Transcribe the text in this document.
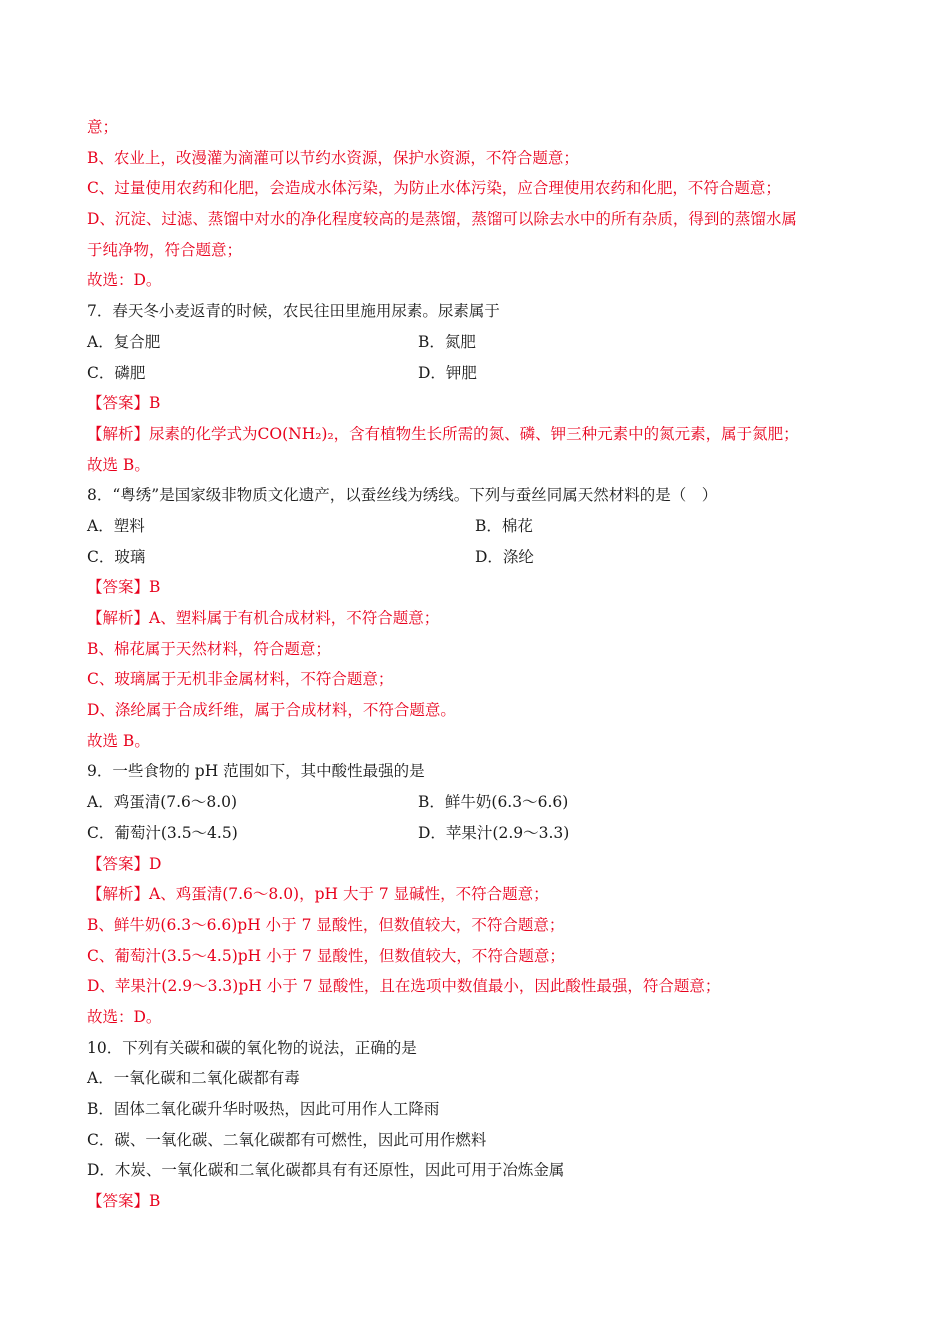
意；
B、农业上，改漫灌为滴灌可以节约水资源，保护水资源，不符合题意；
C、过量使用农药和化肥，会造成水体污染，为防止水体污染，应合理使用农药和化肥，不符合题意；
D、沉淀、过滤、蒸馏中对水的净化程度较高的是蒸馏，蒸馏可以除去水中的所有杂质，得到的蒸馏水属
于纯净物，符合题意；
故选：D。
7．春天冬小麦返青的时候，农民往田里施用尿素。尿素属于
A．复合肥	B．氮肥
C．磷肥	D．钾肥
【答案】B
【解析】尿素的化学式为CO(NH₂)₂，含有植物生长所需的氮、磷、钾三种元素中的氮元素，属于氮肥；
故选 B。
8．“粤绣”是国家级非物质文化遗产，以蚕丝线为绣线。下列与蚕丝同属天然材料的是（　）
A．塑料	B．棉花
C．玻璃	D．涤纶
【答案】B
【解析】A、塑料属于有机合成材料，不符合题意；
B、棉花属于天然材料，符合题意；
C、玻璃属于无机非金属材料，不符合题意；
D、涤纶属于合成纤维，属于合成材料，不符合题意。
故选 B。
9．一些食物的 pH 范围如下，其中酸性最强的是
A．鸡蛋清(7.6～8.0)	B．鲜牛奶(6.3～6.6)
C．葡萄汁(3.5～4.5)	D．苹果汁(2.9～3.3)
【答案】D
【解析】A、鸡蛋清(7.6～8.0)，pH 大于 7 显碱性，不符合题意；
B、鲜牛奶(6.3～6.6)pH 小于 7 显酸性，但数值较大，不符合题意；
C、葡萄汁(3.5～4.5)pH 小于 7 显酸性，但数值较大，不符合题意；
D、苹果汁(2.9～3.3)pH 小于 7 显酸性，且在选项中数值最小，因此酸性最强，符合题意；
故选：D。
10．下列有关碳和碳的氧化物的说法，正确的是
A．一氧化碳和二氧化碳都有毒
B．固体二氧化碳升华时吸热，因此可用作人工降雨
C．碳、一氧化碳、二氧化碳都有可燃性，因此可用作燃料
D．木炭、一氧化碳和二氧化碳都具有有还原性，因此可用于冶炼金属
【答案】B
